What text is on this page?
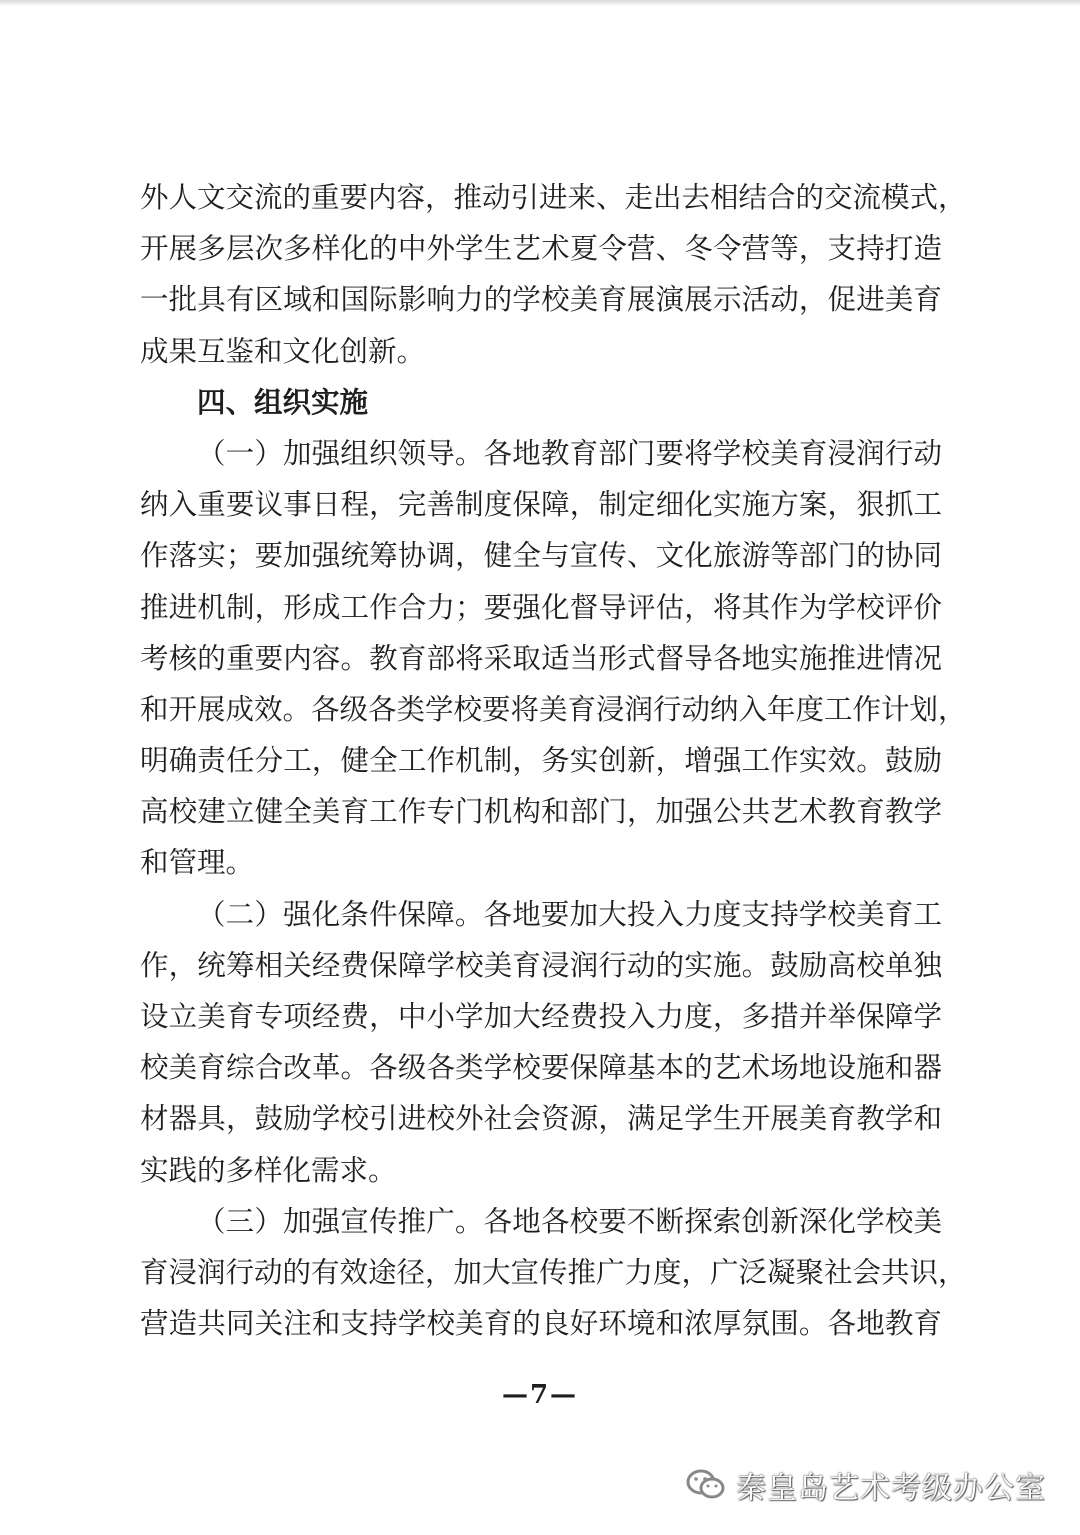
外人文交流的重要内容，推动引进来、走出去相结合的交流模式，
开展多层次多样化的中外学生艺术夏令营、冬令营等，支持打造
一批具有区域和国际影响力的学校美育展演展示活动，促进美育
成果互鉴和文化创新。
四、组织实施
（一）加强组织领导。各地教育部门要将学校美育浸润行动
纳入重要议事日程，完善制度保障，制定细化实施方案，狠抓工
作落实；要加强统筹协调，健全与宣传、文化旅游等部门的协同
推进机制，形成工作合力；要强化督导评估，将其作为学校评价
考核的重要内容。教育部将采取适当形式督导各地实施推进情况
和开展成效。各级各类学校要将美育浸润行动纳入年度工作计划，
明确责任分工，健全工作机制，务实创新，增强工作实效。鼓励
高校建立健全美育工作专门机构和部门，加强公共艺术教育教学
和管理。
（二）强化条件保障。各地要加大投入力度支持学校美育工
作，统筹相关经费保障学校美育浸润行动的实施。鼓励高校单独
设立美育专项经费，中小学加大经费投入力度，多措并举保障学
校美育综合改革。各级各类学校要保障基本的艺术场地设施和器
材器具，鼓励学校引进校外社会资源，满足学生开展美育教学和
实践的多样化需求。
（三）加强宣传推广。各地各校要不断探索创新深化学校美
育浸润行动的有效途径，加大宣传推广力度，广泛凝聚社会共识，
营造共同关注和支持学校美育的良好环境和浓厚氛围。各地教育
—7—
秦皇岛艺术考级办公室
